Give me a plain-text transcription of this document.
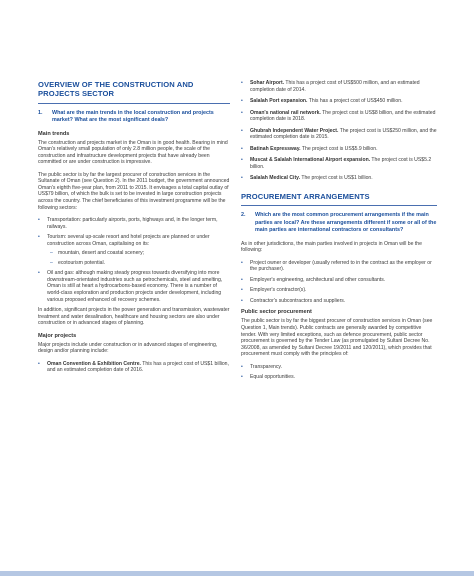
OVERVIEW OF THE CONSTRUCTION AND PROJECTS SECTOR
1.	What are the main trends in the local construction and projects market? What are the most significant deals?
Main trends

The construction and projects market in the Oman is in good health. Bearing in mind Oman's relatively small population of only 2.8 million people, the scale of the construction and infrastructure development projects that have already been committed or are under construction is impressive.

The public sector is by far the largest procurer of construction services in the Sultanate of Oman (see Question 2). In the 2011 budget, the government announced Oman's eighth five-year plan, from 2011 to 2015. It envisages a total capital outlay of US$79 billion, of which the bulk is set to be invested in large construction projects across the country. The chief beneficiaries of this investment programme will be the following sectors:

•	Transportation: particularly airports, ports, highways and, in the longer term, railways.
•	Tourism: several up-scale resort and hotel projects are planned or under construction across Oman, capitalising on its:
–	mountain, desert and coastal scenery;
–	ecotourism potential.
•	Oil and gas: although making steady progress towards diversifying into more downstream-orientated industries such as petrochemicals, steel and smelting, Oman is still at heart a hydrocarbons-based economy. There is a number of world-class exploration and production projects under development, including various proposed enhanced oil recovery schemes.

In addition, significant projects in the power generation and transmission, wastewater treatment and water desalination, healthcare and housing sectors are also under construction or in advanced stages of planning.

Major projects

Major projects include under construction or in advanced stages of engineering, design and/or planning include:

•	Oman Convention & Exhibition Centre. This has a project cost of US$1 billion, and an estimated completion date of 2016.
•	Sohar Airport. This has a project cost of US$500 million, and an estimated completion date of 2014.
•	Salalah Port expansion. This has a project cost of US$450 million.
•	Oman's national rail network. The project cost is US$8 billion, and the estimated completion date is 2018.
•	Ghubrah Independent Water Project. The project cost is US$250 million, and the estimated completion date is 2015.
•	Batinah Expressway. The project cost is US$5.9 billion.
•	Muscat & Salalah International Airport expansion. The project cost is US$5.2 billion.
•	Salalah Medical City. The project cost is US$1 billion.
PROCUREMENT ARRANGEMENTS
2.	Which are the most common procurement arrangements if the main parties are local? Are these arrangements different if some or all of the main parties are international contractors or consultants?

As in other jurisdictions, the main parties involved in projects in Oman will be the following:

•	Project owner or developer (usually referred to in the contract as the employer or the purchaser).
•	Employer's engineering, architectural and other consultants.
•	Employer's contractor(s).
•	Contractor's subcontractors and suppliers.
Public sector procurement

The public sector is by far the biggest procurer of construction services in Oman (see Question 1, Main trends). Public contracts are generally awarded by competitive tender. With very limited exceptions, such as defence procurement, public sector procurement is governed by the Tender Law (as promulgated by Sultani Decree No. 36/2008, as amended by Sultani Decree 19/2011 and 120/2011), which provides that procurement must comply with the principles of:

•	Transparency.
•	Equal opportunities.
